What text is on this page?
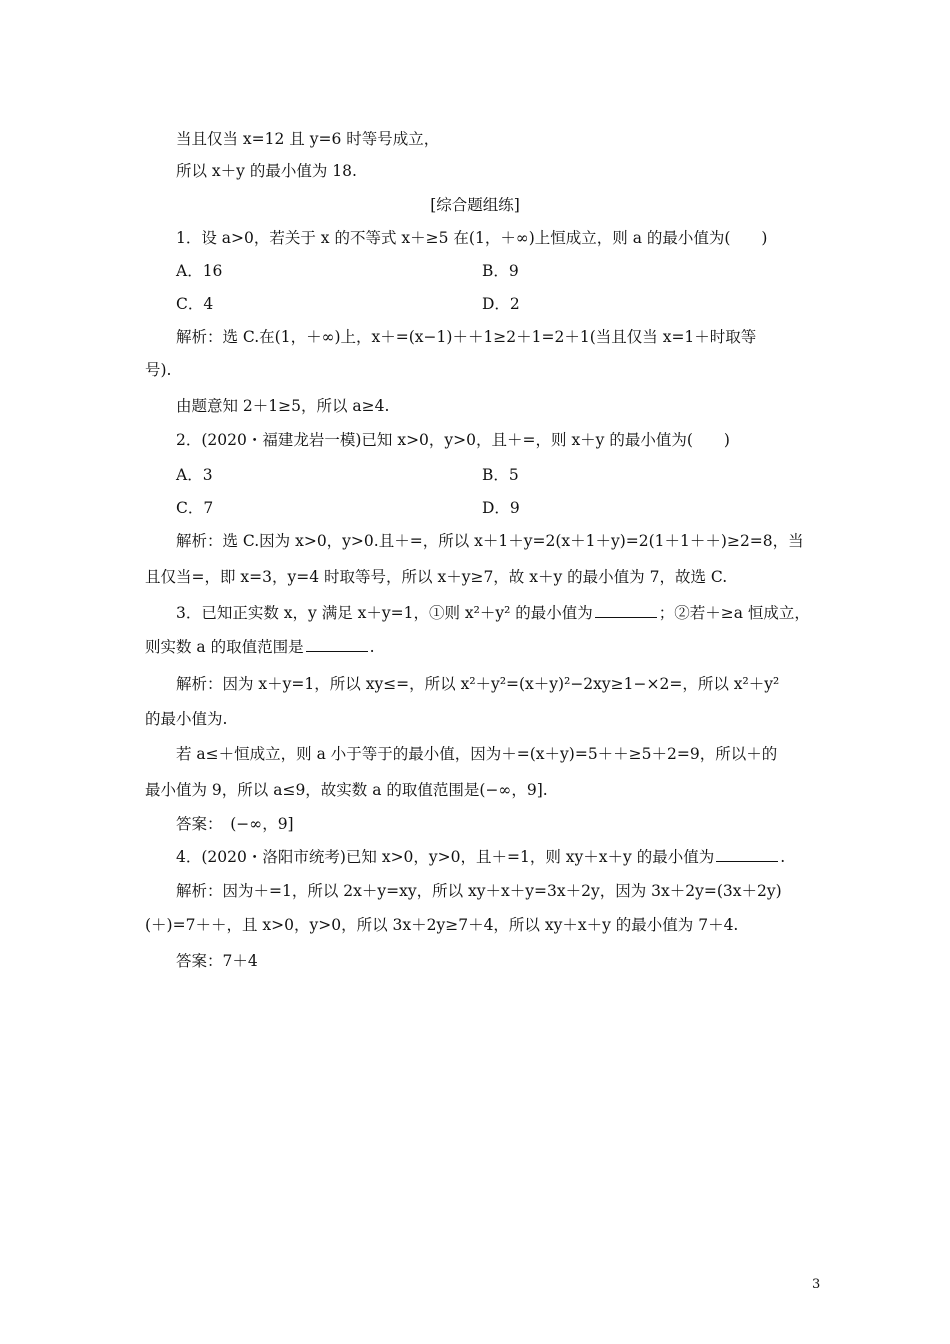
当且仅当 x=12 且 y=6 时等号成立，
所以 x＋y 的最小值为 18.
[综合题组练]
1．设 a>0，若关于 x 的不等式 x＋≥5 在(1，＋∞)上恒成立，则 a 的最小值为(　　)
A．16	B．9
C．4	D．2
解析：选 C.在(1，＋∞)上，x＋=(x−1)＋＋1≥2＋1=2＋1(当且仅当 x=1＋时取等
号).
由题意知 2＋1≥5，所以 a≥4.
2．(2020・福建龙岩一模)已知 x>0，y>0，且＋=，则 x＋y 的最小值为(　　)
A．3	B．5
C．7	D．9
解析：选 C.因为 x>0，y>0.且＋=，所以 x＋1＋y=2(x＋1＋y)=2(1＋1＋＋)≥2=8，当
且仅当=，即 x=3，y=4 时取等号，所以 x＋y≥7，故 x＋y 的最小值为 7，故选 C.
3．已知正实数 x，y 满足 x＋y=1，①则 x²＋y² 的最小值为	；②若＋≥a 恒成立，
则实数 a 的取值范围是	.
解析：因为 x＋y=1，所以 xy≤=，所以 x²＋y²=(x＋y)²−2xy≥1−×2=，所以 x²＋y²
的最小值为.
若 a≤＋恒成立，则 a 小于等于的最小值，因为＋=(x＋y)=5＋＋≥5＋2=9，所以＋的
最小值为 9，所以 a≤9，故实数 a 的取值范围是(−∞，9].
答案：　(−∞，9]
4．(2020・洛阳市统考)已知 x>0，y>0，且＋=1，则 xy＋x＋y 的最小值为	.
解析：因为＋=1，所以 2x＋y=xy，所以 xy＋x＋y=3x＋2y，因为 3x＋2y=(3x＋2y)
(＋)=7＋＋，且 x>0，y>0，所以 3x＋2y≥7＋4，所以 xy＋x＋y 的最小值为 7＋4.
答案：7＋4
3
